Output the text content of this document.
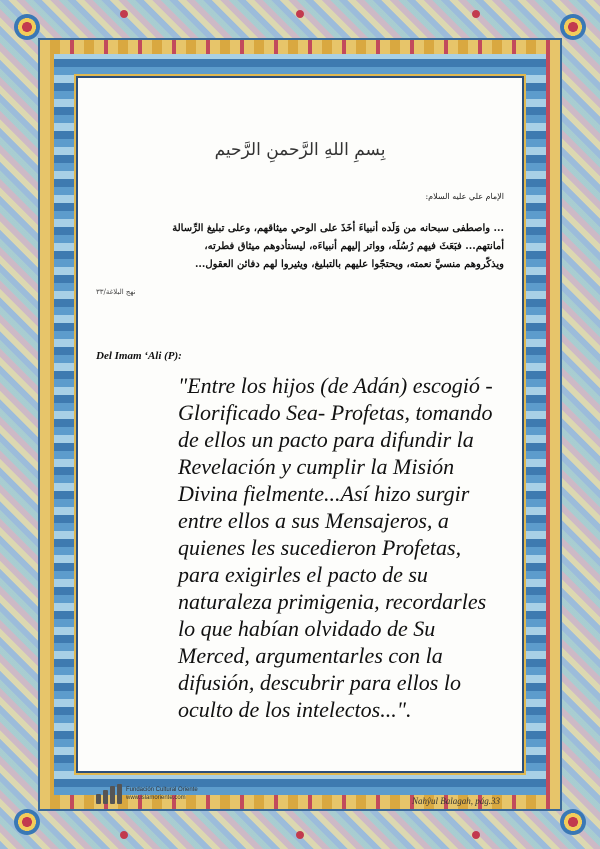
بِسمِ اللهِ الرَّحمنِ الرَّحيم
الإمام علي عليه السلام:
... واصطفى سبحانه من وَلَده أنبياءَ أخَذَ على الوحي ميثاقهم، وعلى تبليغ الرِّسالة
أمانتهم... فبَعَثَ فيهم رُسُلَه، وواتر إليهم أنبياءَه، ليستأدوهم ميثاق فطرته،
ويذكّروهم منسيَّ نعمته، ويحتجّوا عليهم بالتبليغ، ويثيروا لهم دفائن العقول...
نهج البلاغة/٣٣
Del Imam ‘Ali (P):
"Entre los hijos (de Adán) escogió -
Glorificado Sea- Profetas, tomando
de ellos un pacto para difundir la
Revelación y cumplir la Misión
Divina fielmente...Así hizo surgir
entre ellos a sus Mensajeros, a
quienes les sucedieron Profetas,
para exigirles el pacto de su
naturaleza primigenia, recordarles
lo que habían olvidado de Su
Merced, argumentarles con la
difusión, descubrir para ellos lo
oculto de los intelectos...".
Fundación Cultural Oriente
www.islamoriente.com	Nahŷul Balagah, pág.33
